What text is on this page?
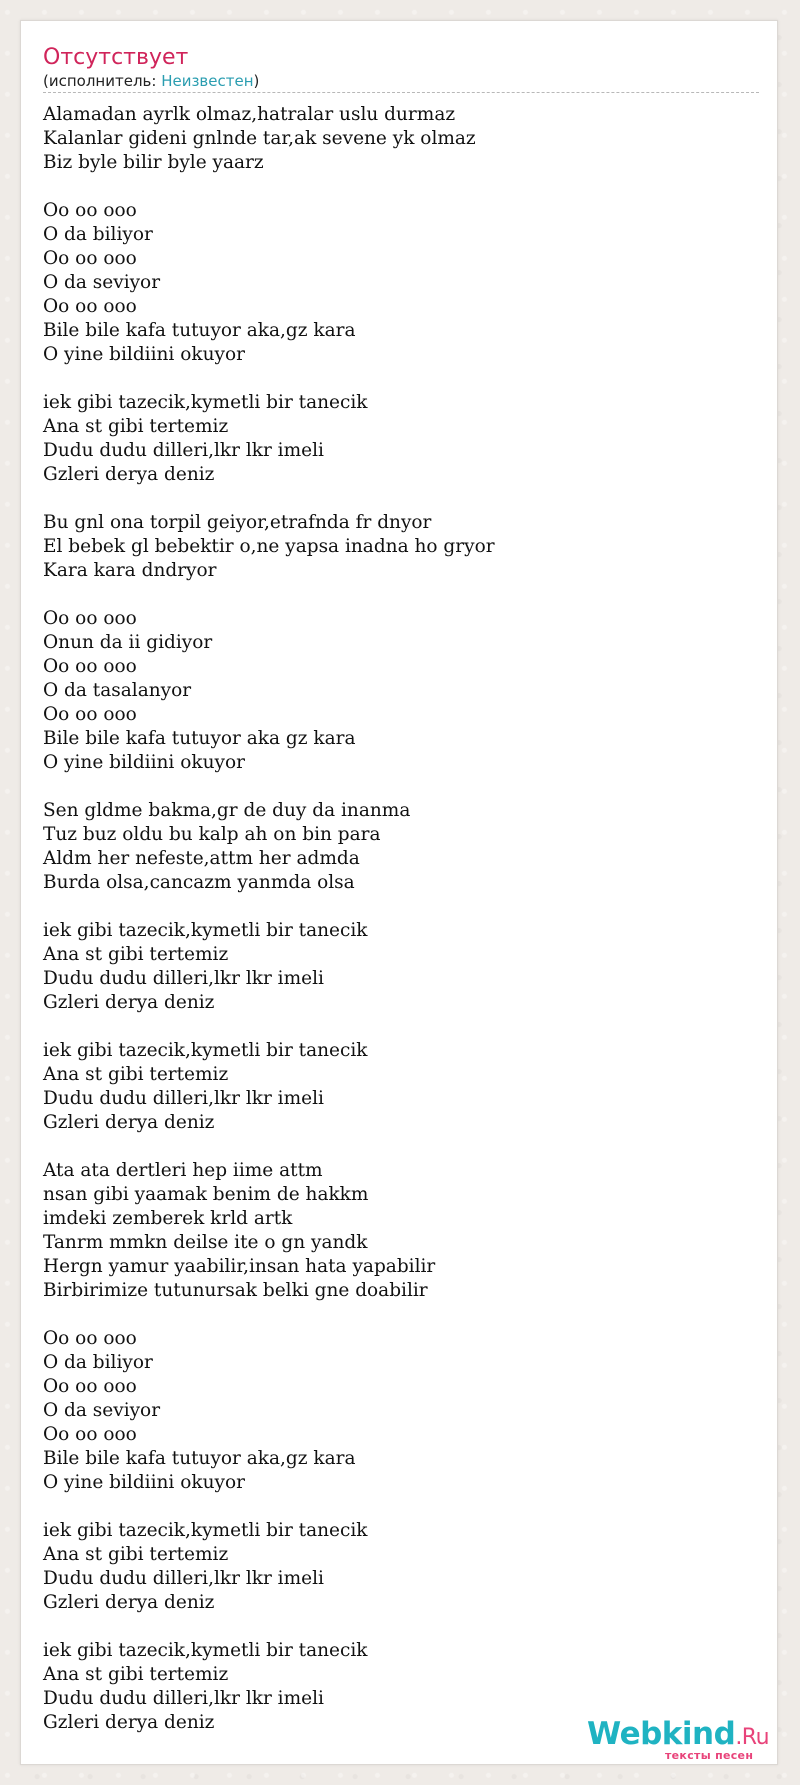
Отсутствует
(исполнитель: Неизвестен)
Alamadan ayrlk olmaz,hatralar uslu durmaz
Kalanlar gideni gnlnde tar,ak sevene yk olmaz
Biz byle bilir byle yaarz
Oo oo ooo
O da biliyor
Oo oo ooo
O da seviyor
Oo oo ooo
Bile bile kafa tutuyor aka,gz kara
O yine bildiini okuyor
iek gibi tazecik,kymetli bir tanecik
Ana st gibi tertemiz
Dudu dudu dilleri,lkr lkr imeli
Gzleri derya deniz
Bu gnl ona torpil geiyor,etrafnda fr dnyor
El bebek gl bebektir o,ne yapsa inadna ho gryor
Kara kara dndryor
Oo oo ooo
Onun da ii gidiyor
Oo oo ooo
O da tasalanyor
Oo oo ooo
Bile bile kafa tutuyor aka gz kara
O yine bildiini okuyor
Sen gldme bakma,gr de duy da inanma
Tuz buz oldu bu kalp ah on bin para
Aldm her nefeste,attm her admda
Burda olsa,cancazm yanmda olsa
iek gibi tazecik,kymetli bir tanecik
Ana st gibi tertemiz
Dudu dudu dilleri,lkr lkr imeli
Gzleri derya deniz
iek gibi tazecik,kymetli bir tanecik
Ana st gibi tertemiz
Dudu dudu dilleri,lkr lkr imeli
Gzleri derya deniz
Ata ata dertleri hep iime attm
nsan gibi yaamak benim de hakkm
imdeki zemberek krld artk
Tanrm mmkn deilse ite o gn yandk
Hergn yamur yaabilir,insan hata yapabilir
Birbirimize tutunursak belki gne doabilir
Oo oo ooo
O da biliyor
Oo oo ooo
O da seviyor
Oo oo ooo
Bile bile kafa tutuyor aka,gz kara
O yine bildiini okuyor
iek gibi tazecik,kymetli bir tanecik
Ana st gibi tertemiz
Dudu dudu dilleri,lkr lkr imeli
Gzleri derya deniz
iek gibi tazecik,kymetli bir tanecik
Ana st gibi tertemiz
Dudu dudu dilleri,lkr lkr imeli
Gzleri derya deniz	Webkind.Ru
тексты песен
